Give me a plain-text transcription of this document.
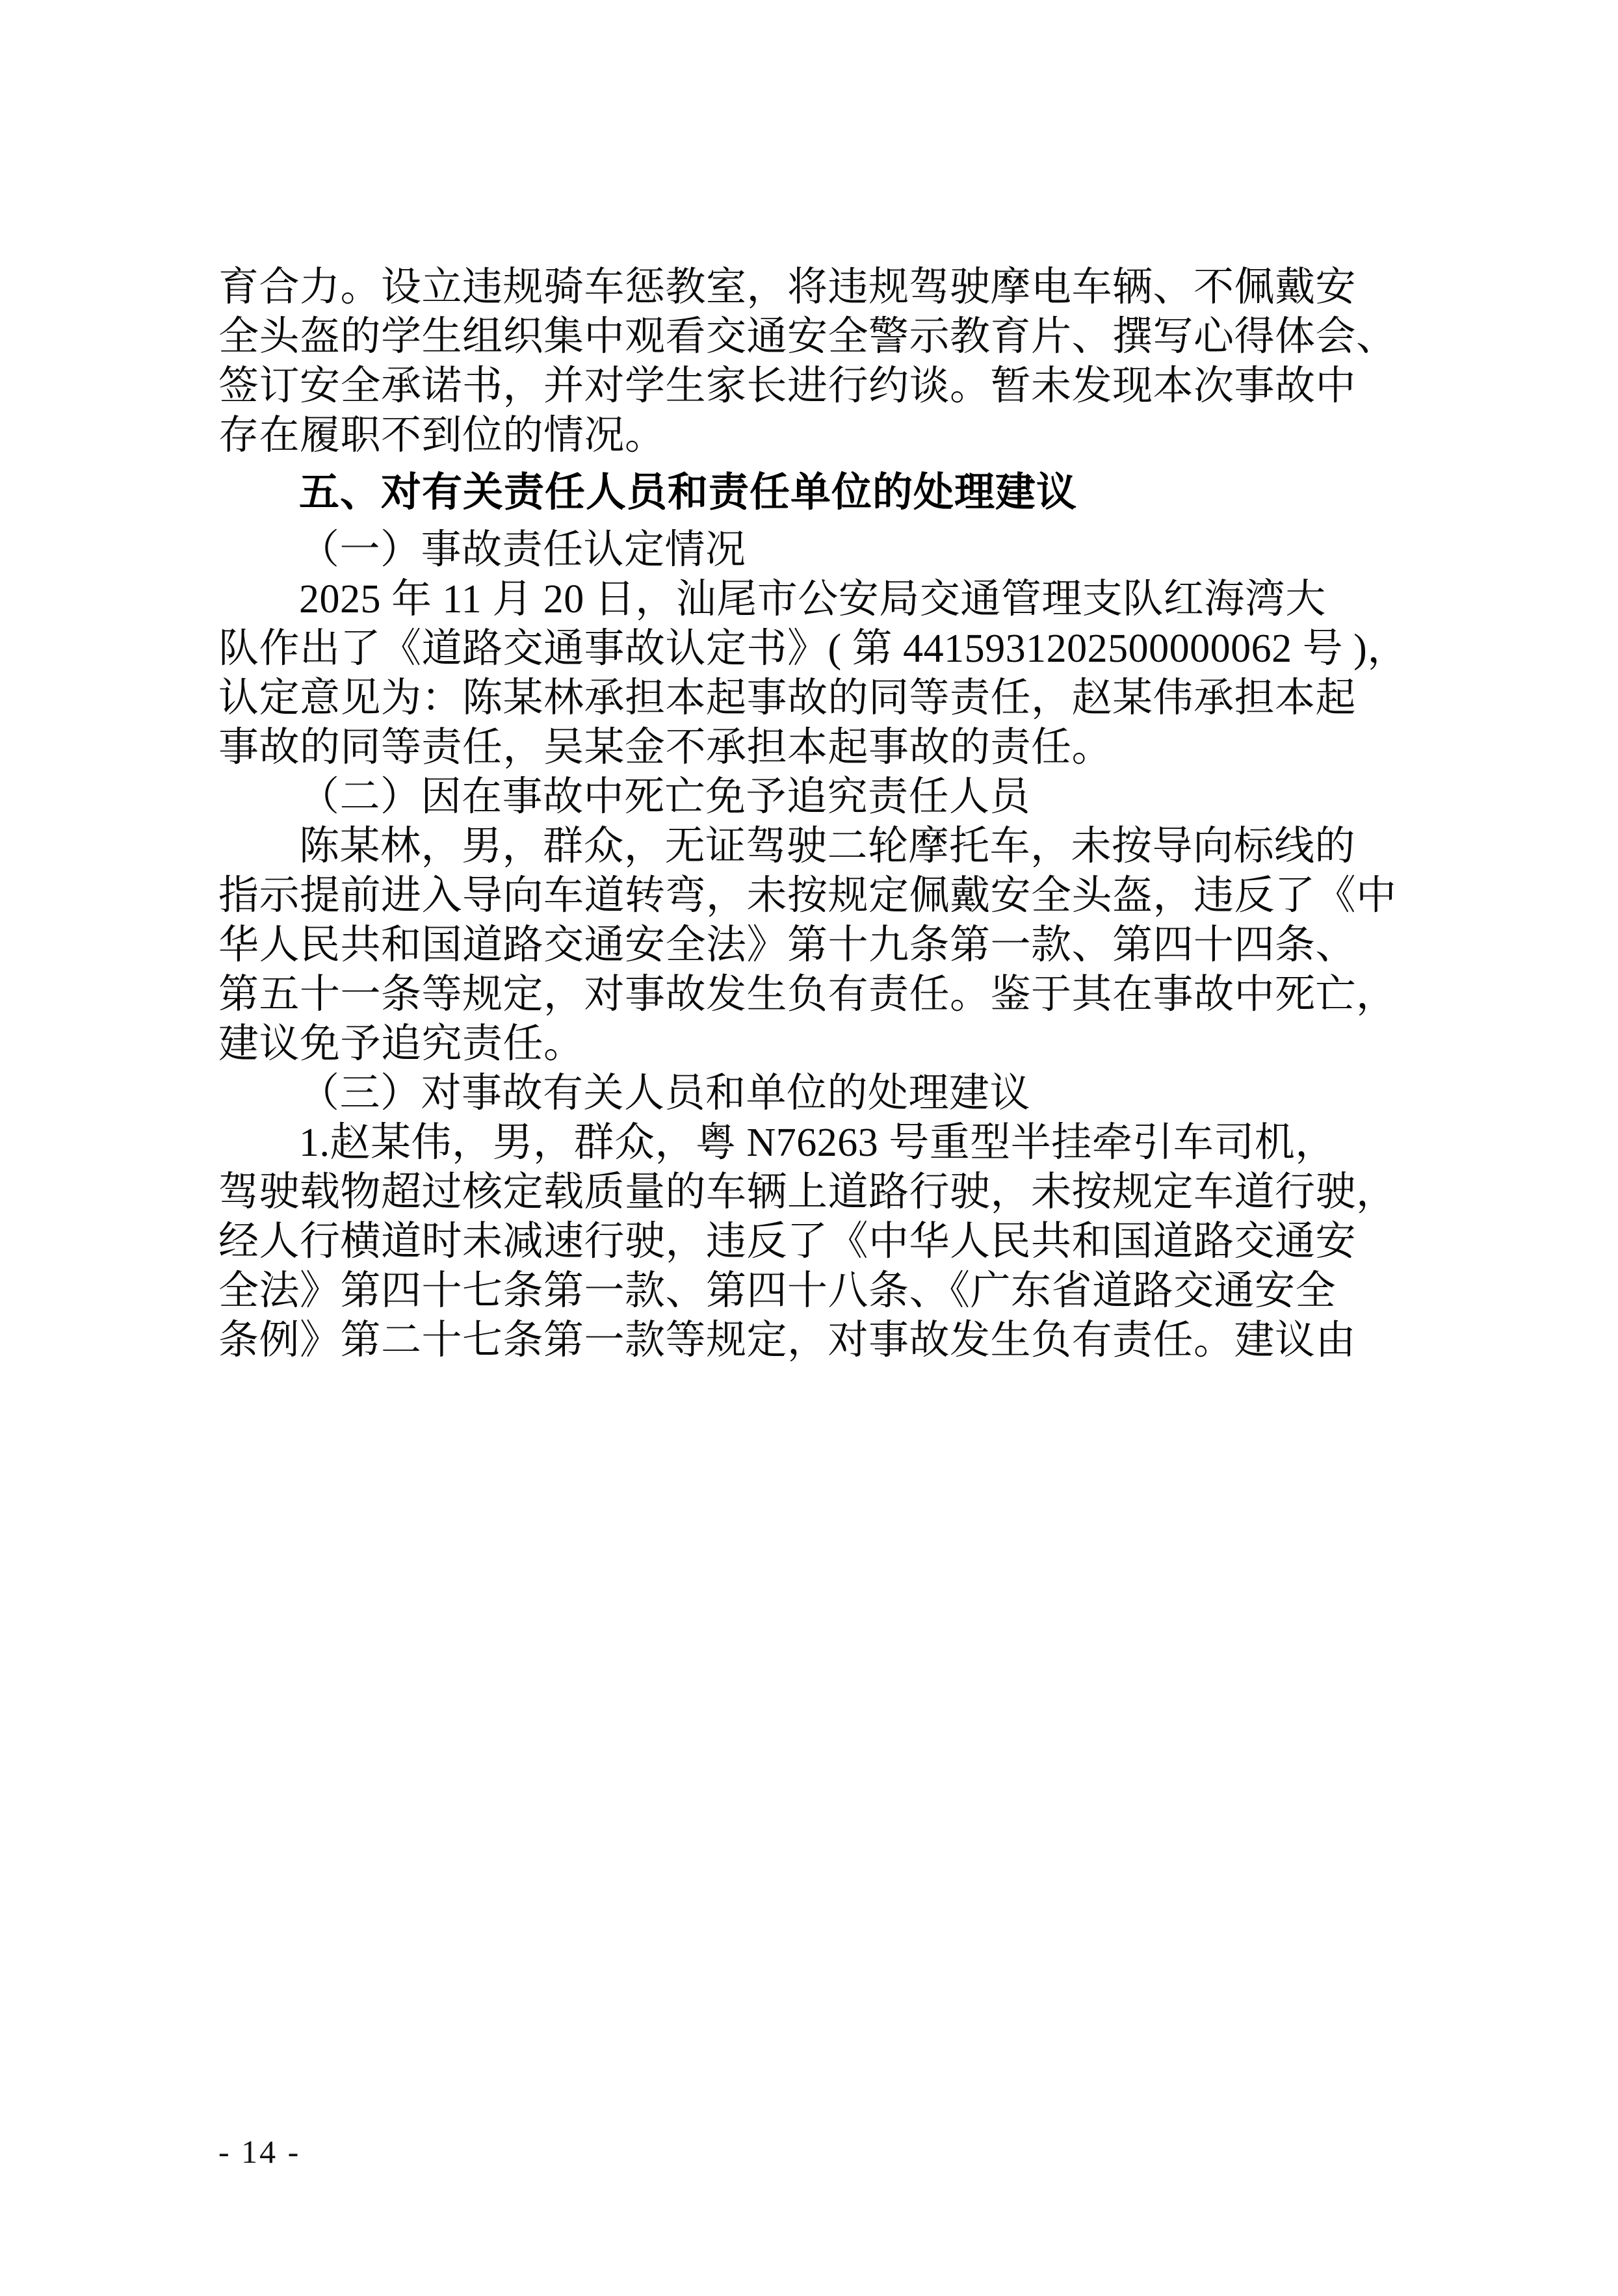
育合力。设立违规骑车惩教室，将违规驾驶摩电车辆、不佩戴安
全头盔的学生组织集中观看交通安全警示教育片、撰写心得体会、
签订安全承诺书，并对学生家长进行约谈。暂未发现本次事故中
存在履职不到位的情况。
五、对有关责任人员和责任单位的处理建议
（一）事故责任认定情况
2025 年 11 月 20 日，汕尾市公安局交通管理支队红海湾大
队作出了《道路交通事故认定书》( 第 4415931202500000062 号 )，
认定意见为：陈某林承担本起事故的同等责任，赵某伟承担本起
事故的同等责任，吴某金不承担本起事故的责任。
（二）因在事故中死亡免予追究责任人员
陈某林，男，群众，无证驾驶二轮摩托车，未按导向标线的
指示提前进入导向车道转弯，未按规定佩戴安全头盔，违反了《中
华人民共和国道路交通安全法》第十九条第一款、第四十四条、
第五十一条等规定，对事故发生负有责任。鉴于其在事故中死亡，
建议免予追究责任。
（三）对事故有关人员和单位的处理建议
1.赵某伟，男，群众，粤 N76263 号重型半挂牵引车司机，
驾驶载物超过核定载质量的车辆上道路行驶，未按规定车道行驶，
经人行横道时未减速行驶，违反了《中华人民共和国道路交通安
全法》第四十七条第一款、第四十八条、《广东省道路交通安全
条例》第二十七条第一款等规定，对事故发生负有责任。建议由
- 14 -
